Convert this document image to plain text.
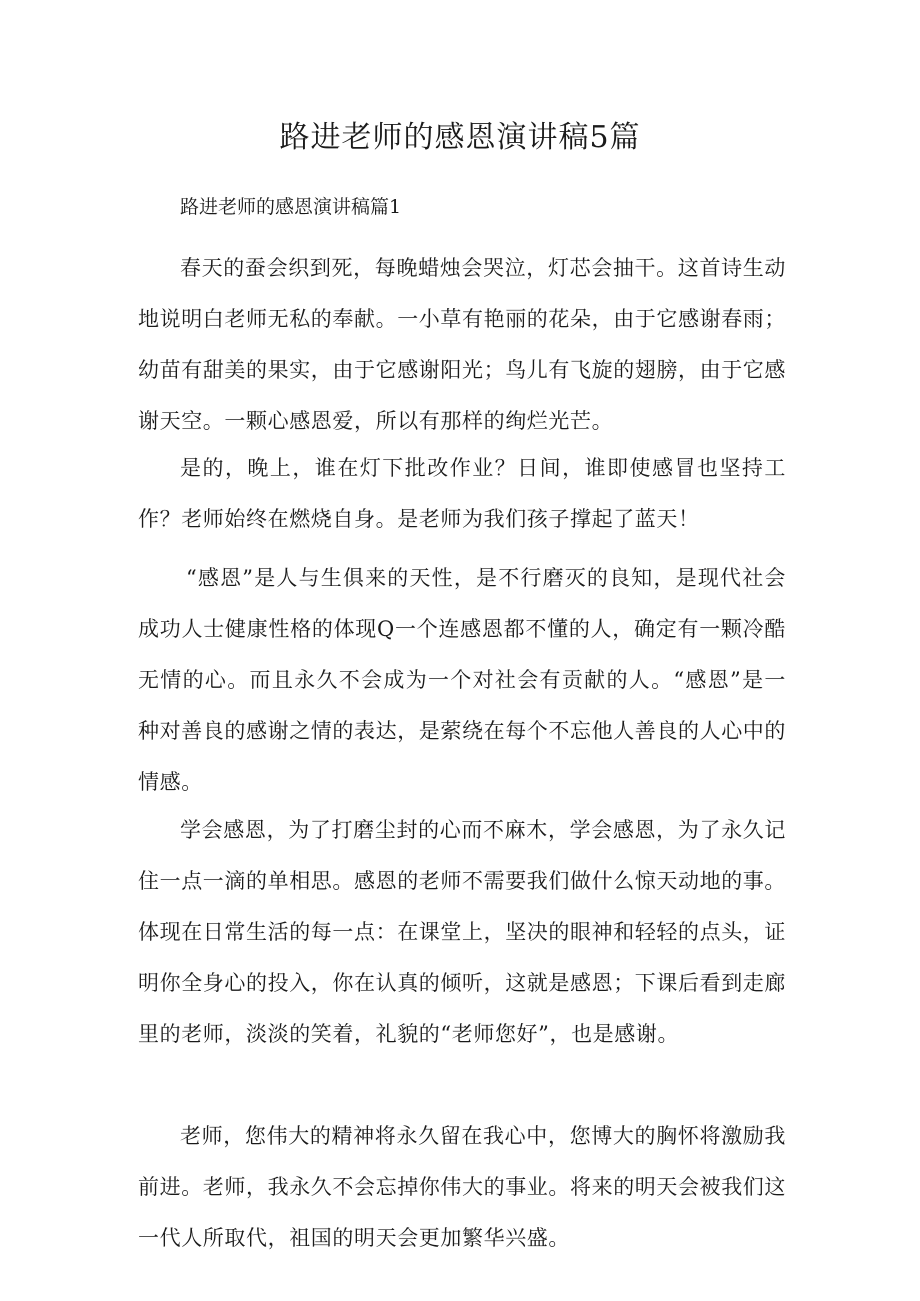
路进老师的感恩演讲稿5篇
路进老师的感恩演讲稿篇1

春天的蚕会织到死，每晚蜡烛会哭泣，灯芯会抽干。这首诗生动地说明白老师无私的奉献。一小草有艳丽的花朵，由于它感谢春雨；幼苗有甜美的果实，由于它感谢阳光；鸟儿有飞旋的翅膀，由于它感谢天空。一颗心感恩爱，所以有那样的绚烂光芒。

是的，晚上，谁在灯下批改作业？日间，谁即使感冒也坚持工作？老师始终在燃烧自身。是老师为我们孩子撑起了蓝天！

“感恩”是人与生俱来的天性，是不行磨灭的良知，是现代社会成功人士健康性格的体现Q一个连感恩都不懂的人，确定有一颗冷酷无情的心。而且永久不会成为一个对社会有贡献的人。“感恩”是一种对善良的感谢之情的表达，是萦绕在每个不忘他人善良的人心中的情感。

学会感恩，为了打磨尘封的心而不麻木，学会感恩，为了永久记住一点一滴的单相思。感恩的老师不需要我们做什么惊天动地的事。体现在日常生活的每一点：在课堂上，坚决的眼神和轻轻的点头，证明你全身心的投入，你在认真的倾听，这就是感恩；下课后看到走廊里的老师，淡淡的笑着，礼貌的“老师您好”，也是感谢。

老师，您伟大的精神将永久留在我心中，您博大的胸怀将激励我前进。老师，我永久不会忘掉你伟大的事业。将来的明天会被我们这一代人所取代，祖国的明天会更加繁华兴盛。
